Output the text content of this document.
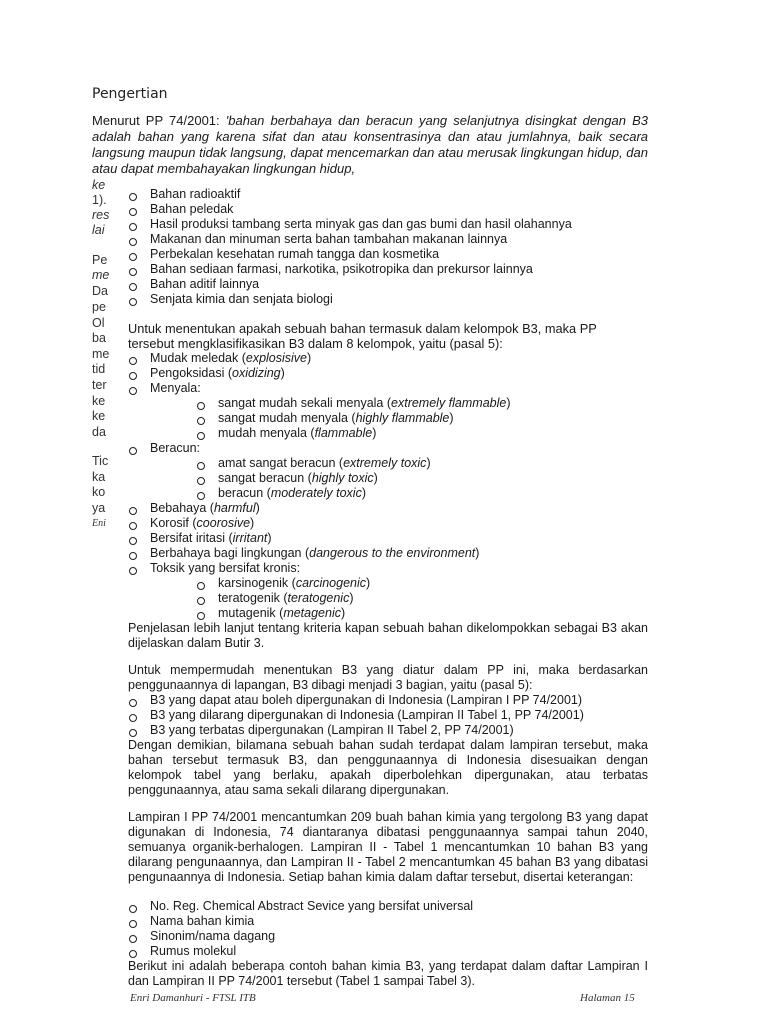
Pengertian
Menurut PP 74/2001: 'bahan berbahaya dan beracun yang selanjutnya disingkat dengan B3 adalah bahan yang karena sifat dan atau konsentrasinya dan atau jumlahnya, baik secara langsung maupun tidak langsung, dapat mencemarkan dan atau merusak lingkungan hidup, dan atau dapat membahayakan lingkungan hidup,
ke
1).
res
lai
Pe
me
Da
pe
Ol
ba
me
tid
ter
ke
ke
da
Tic
ka
ko
ya
Eni
Bahan radioaktif
Bahan peledak
Hasil produksi tambang serta minyak gas dan gas bumi dan hasil olahannya
Makanan dan minuman serta bahan tambahan makanan lainnya
Perbekalan kesehatan rumah tangga dan kosmetika
Bahan sediaan farmasi, narkotika, psikotropika dan prekursor lainnya
Bahan aditif lainnya
Senjata kimia dan senjata biologi
Untuk menentukan apakah sebuah bahan termasuk dalam kelompok B3, maka PP
tersebut mengklasifikasikan B3 dalam 8 kelompok, yaitu (pasal 5):
Mudak meledak (explosisive)
Pengoksidasi (oxidizing)
Menyala:
sangat mudah sekali menyala (extremely flammable)
sangat mudah menyala (highly flammable)
mudah menyala (flammable)
Beracun:
amat sangat beracun (extremely toxic)
sangat beracun (highly toxic)
beracun (moderately toxic)
Bebahaya (harmful)
Korosif (coorosive)
Bersifat iritasi (irritant)
Berbahaya bagi lingkungan (dangerous to the environment)
Toksik yang bersifat kronis:
karsinogenik (carcinogenic)
teratogenik (teratogenic)
mutagenik (metagenic)
Penjelasan lebih lanjut tentang kriteria kapan sebuah bahan dikelompokkan sebagai B3 akan dijelaskan dalam Butir 3.
Untuk mempermudah menentukan B3 yang diatur dalam PP ini, maka berdasarkan penggunaannya di lapangan, B3 dibagi menjadi 3 bagian, yaitu (pasal 5):
B3 yang dapat atau boleh dipergunakan di Indonesia (Lampiran I PP 74/2001)
B3 yang dilarang dipergunakan di Indonesia (Lampiran II Tabel 1, PP 74/2001)
B3 yang terbatas dipergunakan (Lampiran II Tabel 2, PP 74/2001)
Dengan demikian, bilamana sebuah bahan sudah terdapat dalam lampiran tersebut, maka bahan tersebut termasuk B3, dan penggunaannya di Indonesia disesuaikan dengan kelompok tabel yang berlaku, apakah diperbolehkan dipergunakan, atau terbatas penggunaannya, atau sama sekali dilarang dipergunakan.
Lampiran I PP 74/2001 mencantumkan 209 buah bahan kimia yang tergolong B3 yang dapat digunakan di Indonesia, 74 diantaranya dibatasi penggunaannya sampai tahun 2040, semuanya organik-berhalogen. Lampiran II - Tabel 1 mencantumkan 10 bahan B3 yang dilarang pengunaannya, dan Lampiran II - Tabel 2 mencantumkan 45 bahan B3 yang dibatasi pengunaannya di Indonesia. Setiap bahan kimia dalam daftar tersebut, disertai keterangan:
No. Reg. Chemical Abstract Sevice yang bersifat universal
Nama bahan kimia
Sinonim/nama dagang
Rumus molekul
Berikut ini adalah beberapa contoh bahan kimia B3, yang terdapat dalam daftar Lampiran I dan Lampiran II PP 74/2001 tersebut (Tabel 1 sampai Tabel 3).
Enri Damanhuri - FTSL ITB	Halaman 15
